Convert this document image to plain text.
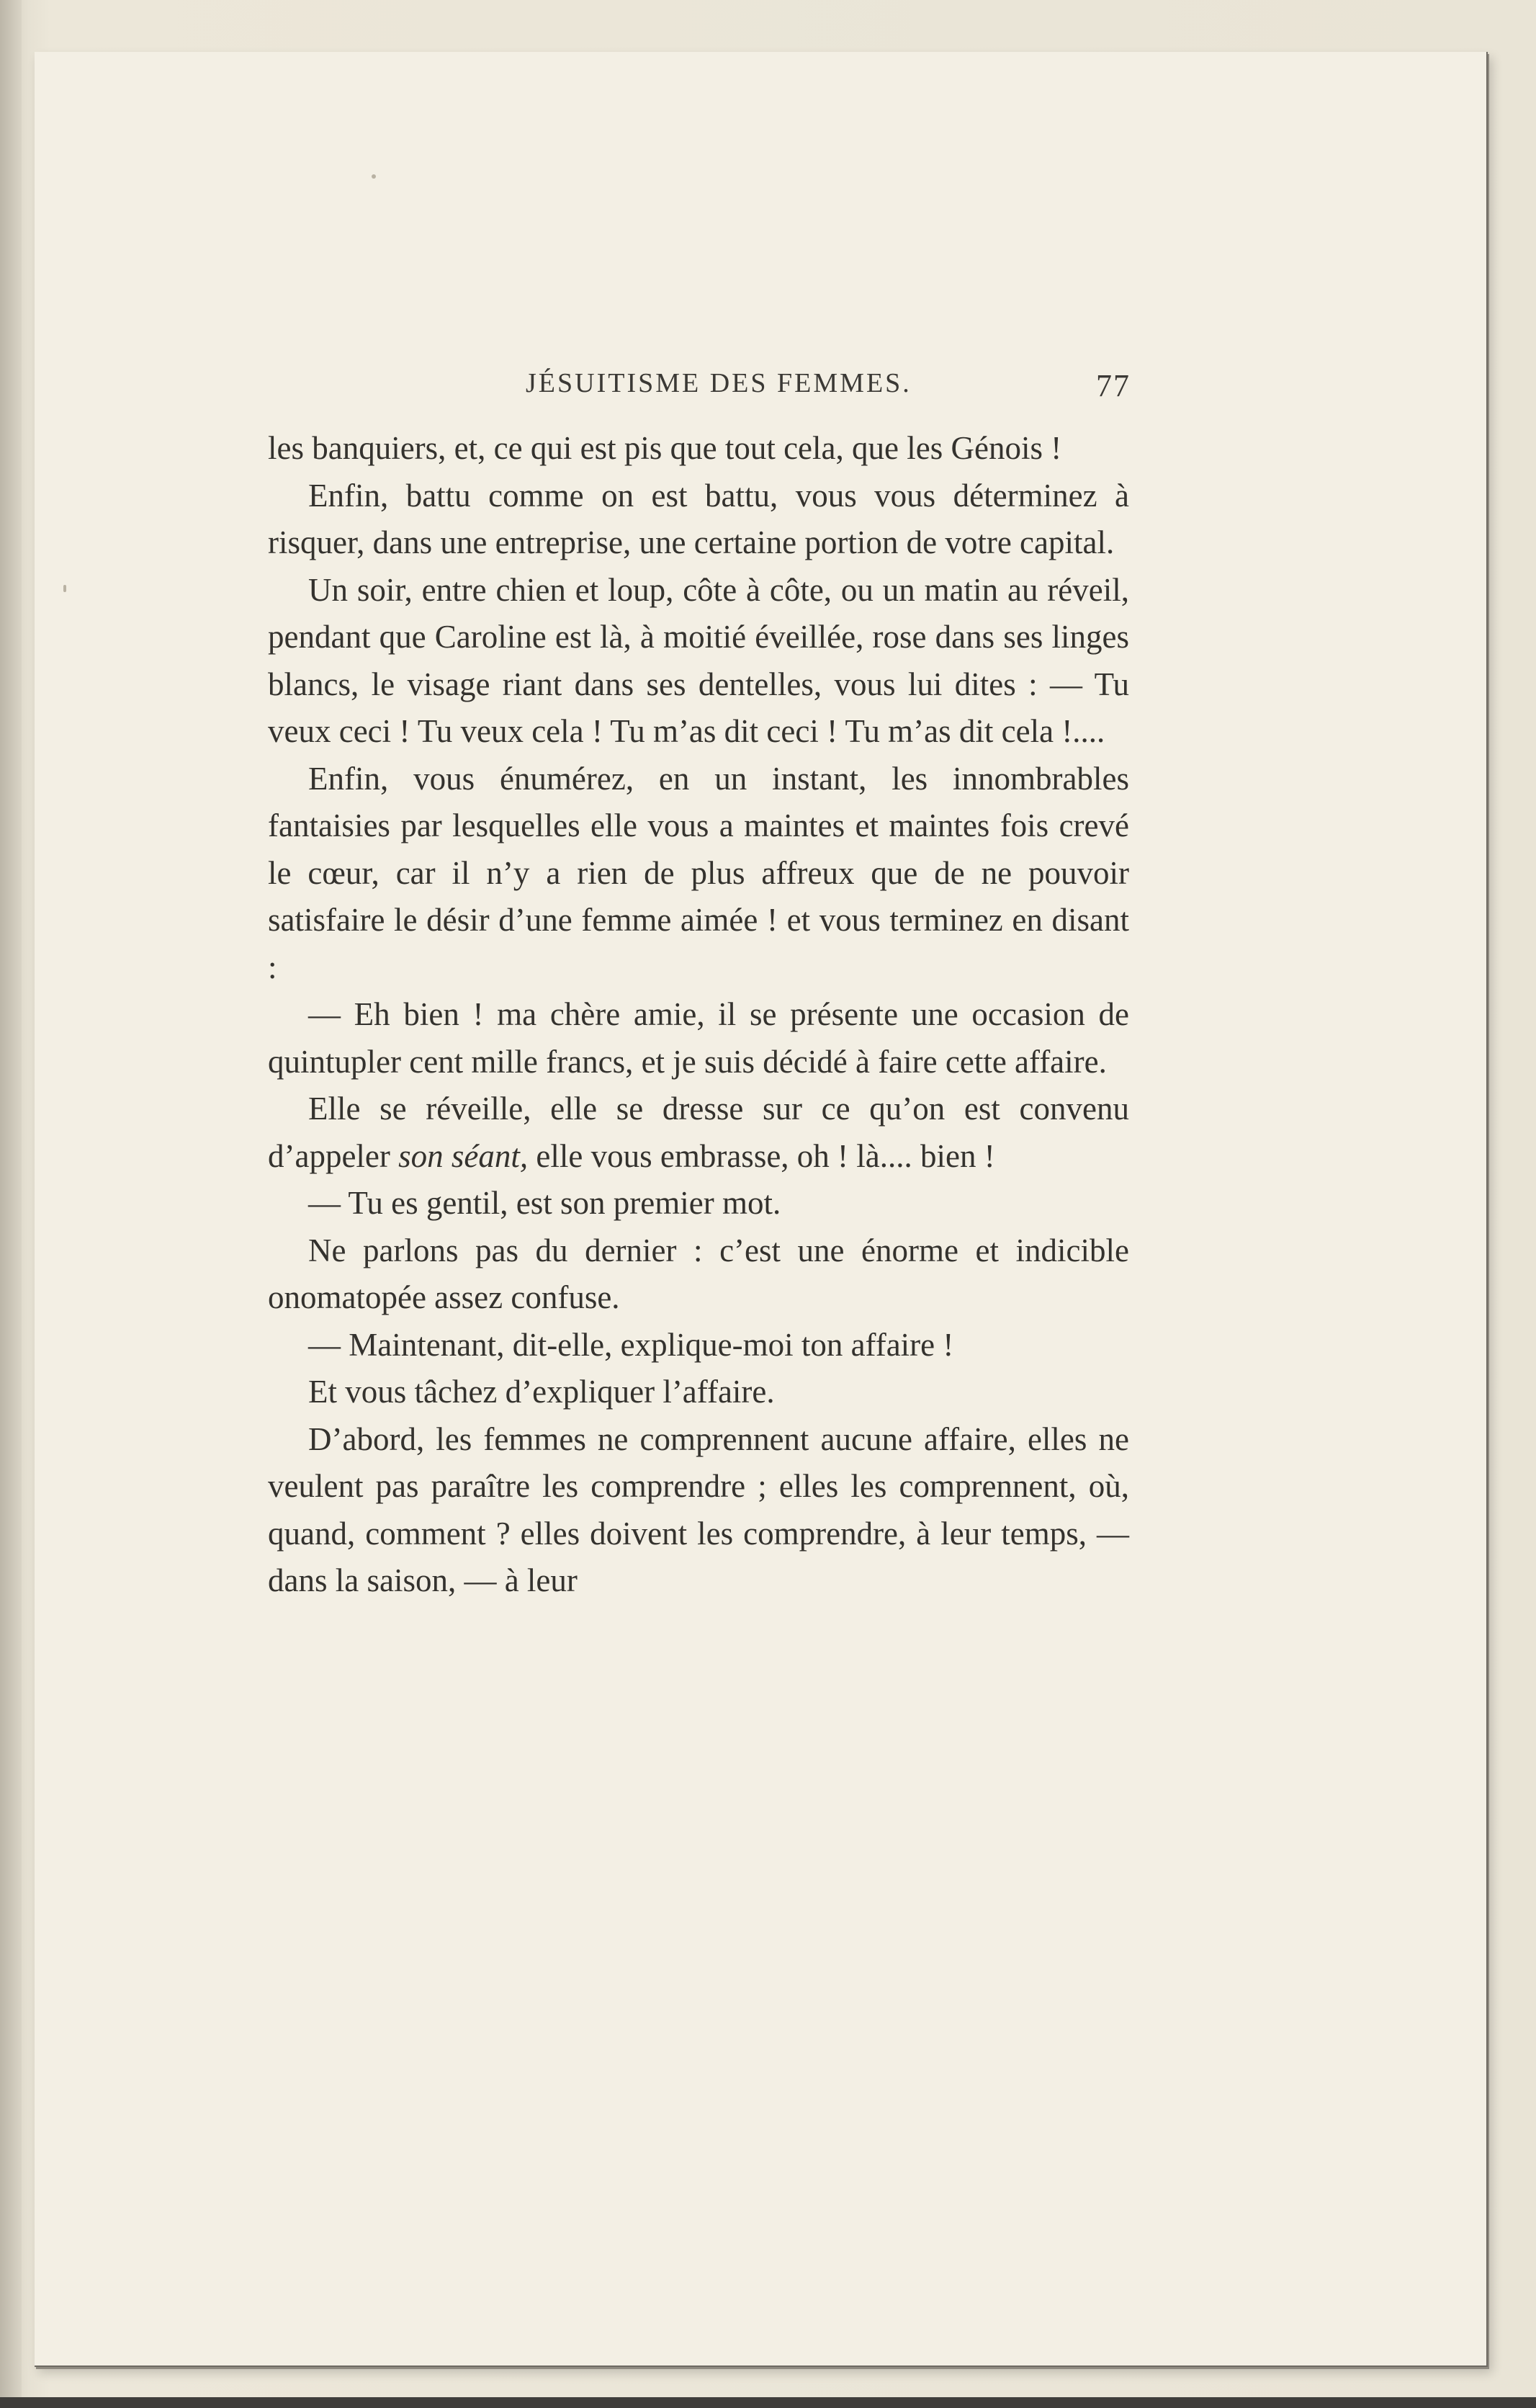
JÉSUITISME DES FEMMES.	77

les banquiers, et, ce qui est pis que tout cela, que les Génois !

Enfin, battu comme on est battu, vous vous déterminez à risquer, dans une entreprise, une certaine portion de votre capital.

Un soir, entre chien et loup, côte à côte, ou un matin au réveil, pendant que Caroline est là, à moitié éveillée, rose dans ses linges blancs, le visage riant dans ses dentelles, vous lui dites : — Tu veux ceci ! Tu veux cela ! Tu m’as dit ceci ! Tu m’as dit cela !....

Enfin, vous énumérez, en un instant, les innombrables fantaisies par lesquelles elle vous a maintes et maintes fois crevé le cœur, car il n’y a rien de plus affreux que de ne pouvoir satisfaire le désir d’une femme aimée ! et vous terminez en disant :

— Eh bien ! ma chère amie, il se présente une occasion de quintupler cent mille francs, et je suis décidé à faire cette affaire.

Elle se réveille, elle se dresse sur ce qu’on est convenu d’appeler son séant, elle vous embrasse, oh ! là.... bien !

— Tu es gentil, est son premier mot.

Ne parlons pas du dernier : c’est une énorme et indicible onomatopée assez confuse.

— Maintenant, dit-elle, explique-moi ton affaire !

Et vous tâchez d’expliquer l’affaire.

D’abord, les femmes ne comprennent aucune affaire, elles ne veulent pas paraître les comprendre ; elles les comprennent, où, quand, comment ? elles doivent les comprendre, à leur temps, — dans la saison, — à leur
